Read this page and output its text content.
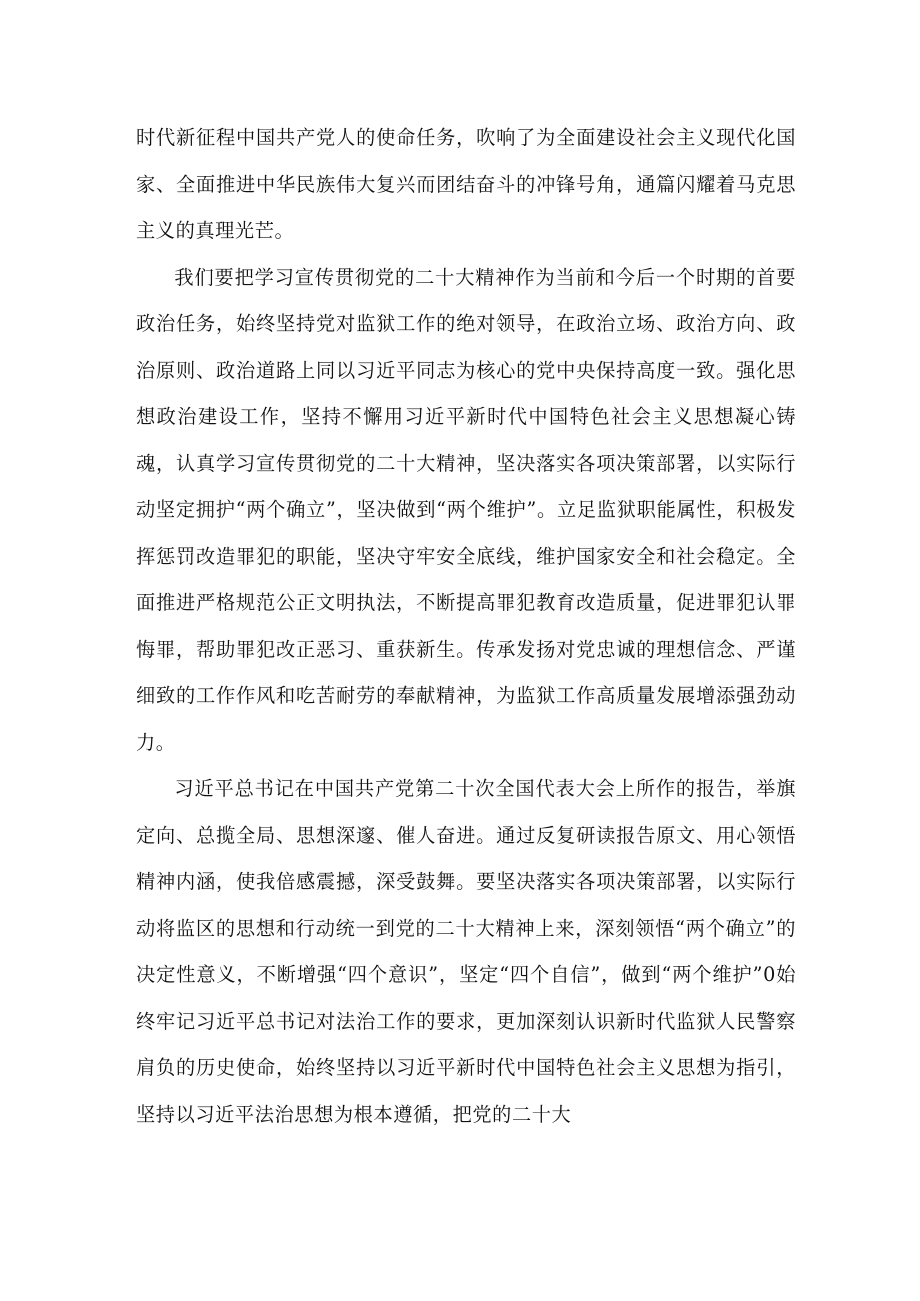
时代新征程中国共产党人的使命任务，吹响了为全面建设社会主义现代化国家、全面推进中华民族伟大复兴而团结奋斗的冲锋号角，通篇闪耀着马克思主义的真理光芒。

我们要把学习宣传贯彻党的二十大精神作为当前和今后一个时期的首要政治任务，始终坚持党对监狱工作的绝对领导，在政治立场、政治方向、政治原则、政治道路上同以习近平同志为核心的党中央保持高度一致。强化思想政治建设工作，坚持不懈用习近平新时代中国特色社会主义思想凝心铸魂，认真学习宣传贯彻党的二十大精神，坚决落实各项决策部署，以实际行动坚定拥护“两个确立”，坚决做到“两个维护”。立足监狱职能属性，积极发挥惩罚改造罪犯的职能，坚决守牢安全底线，维护国家安全和社会稳定。全面推进严格规范公正文明执法，不断提高罪犯教育改造质量，促进罪犯认罪悔罪，帮助罪犯改正恶习、重获新生。传承发扬对党忠诚的理想信念、严谨细致的工作作风和吃苦耐劳的奉献精神，为监狱工作高质量发展增添强劲动力。

习近平总书记在中国共产党第二十次全国代表大会上所作的报告，举旗定向、总揽全局、思想深邃、催人奋进。通过反复研读报告原文、用心领悟精神内涵，使我倍感震撼，深受鼓舞。要坚决落实各项决策部署，以实际行动将监区的思想和行动统一到党的二十大精神上来，深刻领悟“两个确立”的决定性意义，不断增强“四个意识”，坚定“四个自信”，做到“两个维护”0始终牢记习近平总书记对法治工作的要求，更加深刻认识新时代监狱人民警察肩负的历史使命，始终坚持以习近平新时代中国特色社会主义思想为指引，坚持以习近平法治思想为根本遵循，把党的二十大
